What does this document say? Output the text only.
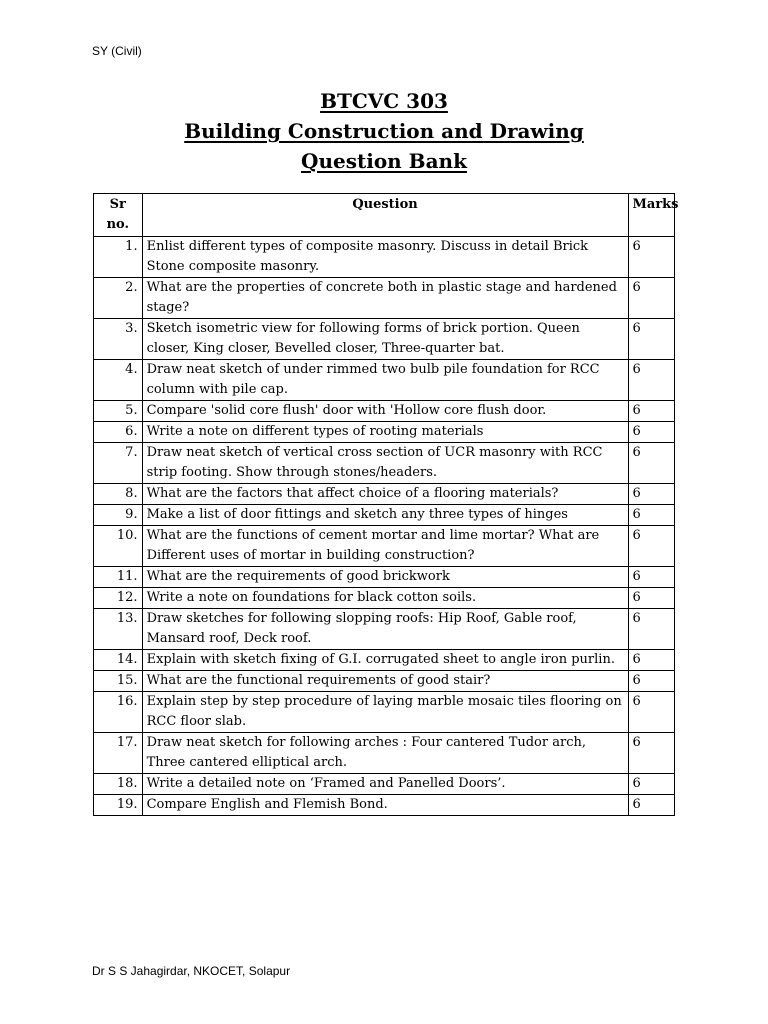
SY (Civil)
BTCVC 303
Building Construction and Drawing
Question Bank
Sr no.	Question	Marks
1.	Enlist different types of composite masonry. Discuss in detail Brick Stone composite masonry.	6
2.	What are the properties of concrete both in plastic stage and hardened stage?	6
3.	Sketch isometric view for following forms of brick portion. Queen closer, King closer, Bevelled closer, Three-quarter bat.	6
4.	Draw neat sketch of under rimmed two bulb pile foundation for RCC column with pile cap.	6
5.	Compare 'solid core flush' door with 'Hollow core flush door.	6
6.	Write a note on different types of rooting materials	6
7.	Draw neat sketch of vertical cross section of UCR masonry with RCC strip footing. Show through stones/headers.	6
8.	What are the factors that affect choice of a flooring materials?	6
9.	Make a list of door fittings and sketch any three types of hinges	6
10.	What are the functions of cement mortar and lime mortar? What are Different uses of mortar in building construction?	6
11.	What are the requirements of good brickwork	6
12.	Write a note on foundations for black cotton soils.	6
13.	Draw sketches for following slopping roofs: Hip Roof, Gable roof, Mansard roof, Deck roof.	6
14.	Explain with sketch fixing of G.I. corrugated sheet to angle iron purlin.	6
15.	What are the functional requirements of good stair?	6
16.	Explain step by step procedure of laying marble mosaic tiles flooring on RCC floor slab.	6
17.	Draw neat sketch for following arches : Four cantered Tudor arch, Three cantered elliptical arch.	6
18.	Write a detailed note on ‘Framed and Panelled Doors’.	6
19.	Compare English and Flemish Bond.	6
Dr S S Jahagirdar, NKOCET, Solapur
